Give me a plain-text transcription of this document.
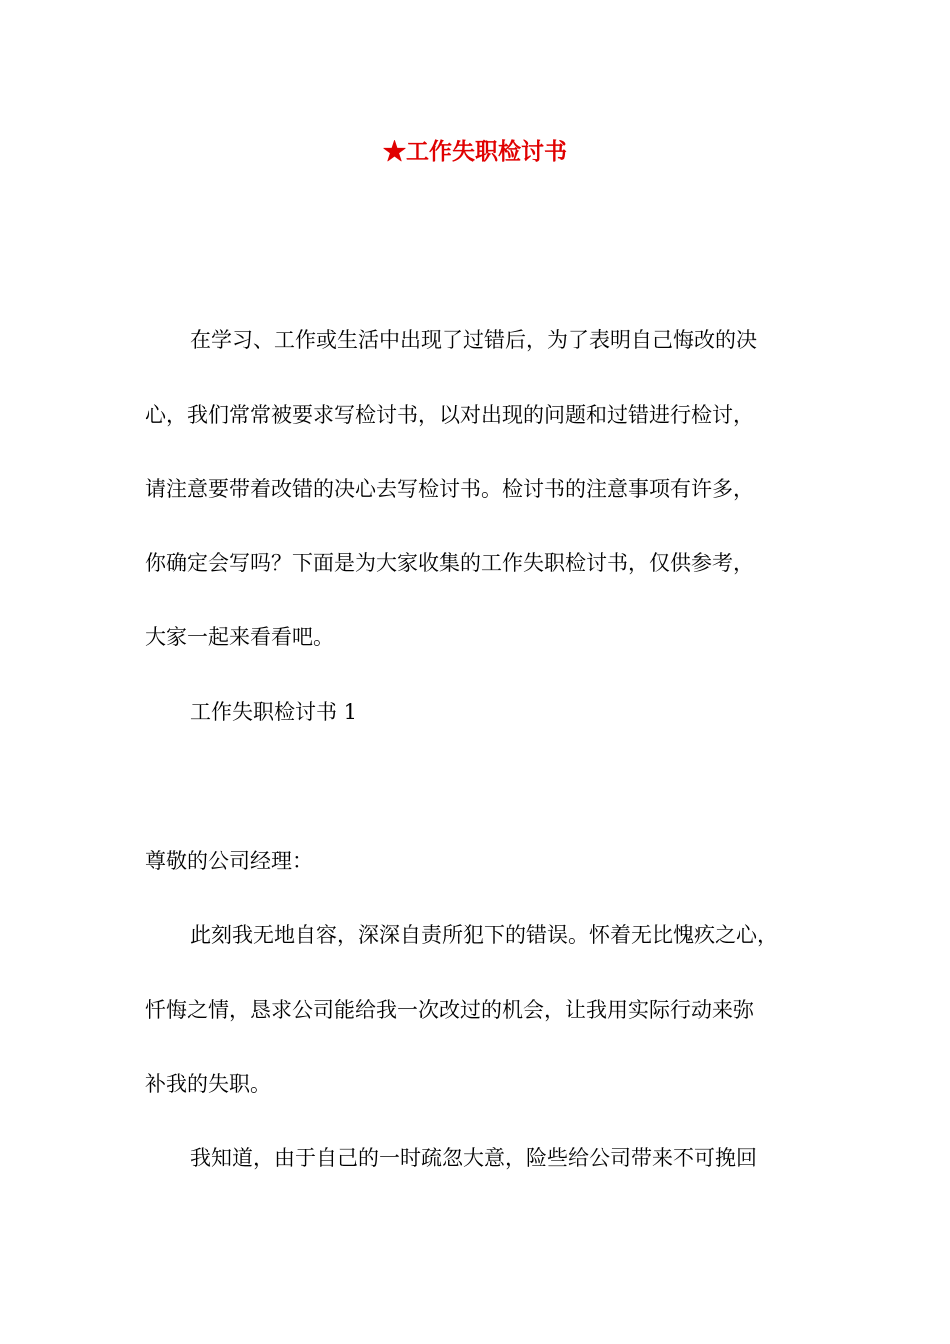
★工作失职检讨书

在学习、工作或生活中出现了过错后，为了表明自己悔改的决

心，我们常常被要求写检讨书，以对出现的问题和过错进行检讨，

请注意要带着改错的决心去写检讨书。检讨书的注意事项有许多，

你确定会写吗？下面是为大家收集的工作失职检讨书，仅供参考，

大家一起来看看吧。

工作失职检讨书 1

尊敬的公司经理：

此刻我无地自容，深深自责所犯下的错误。怀着无比愧疚之心，

忏悔之情，恳求公司能给我一次改过的机会，让我用实际行动来弥

补我的失职。

我知道，由于自己的一时疏忽大意，险些给公司带来不可挽回
